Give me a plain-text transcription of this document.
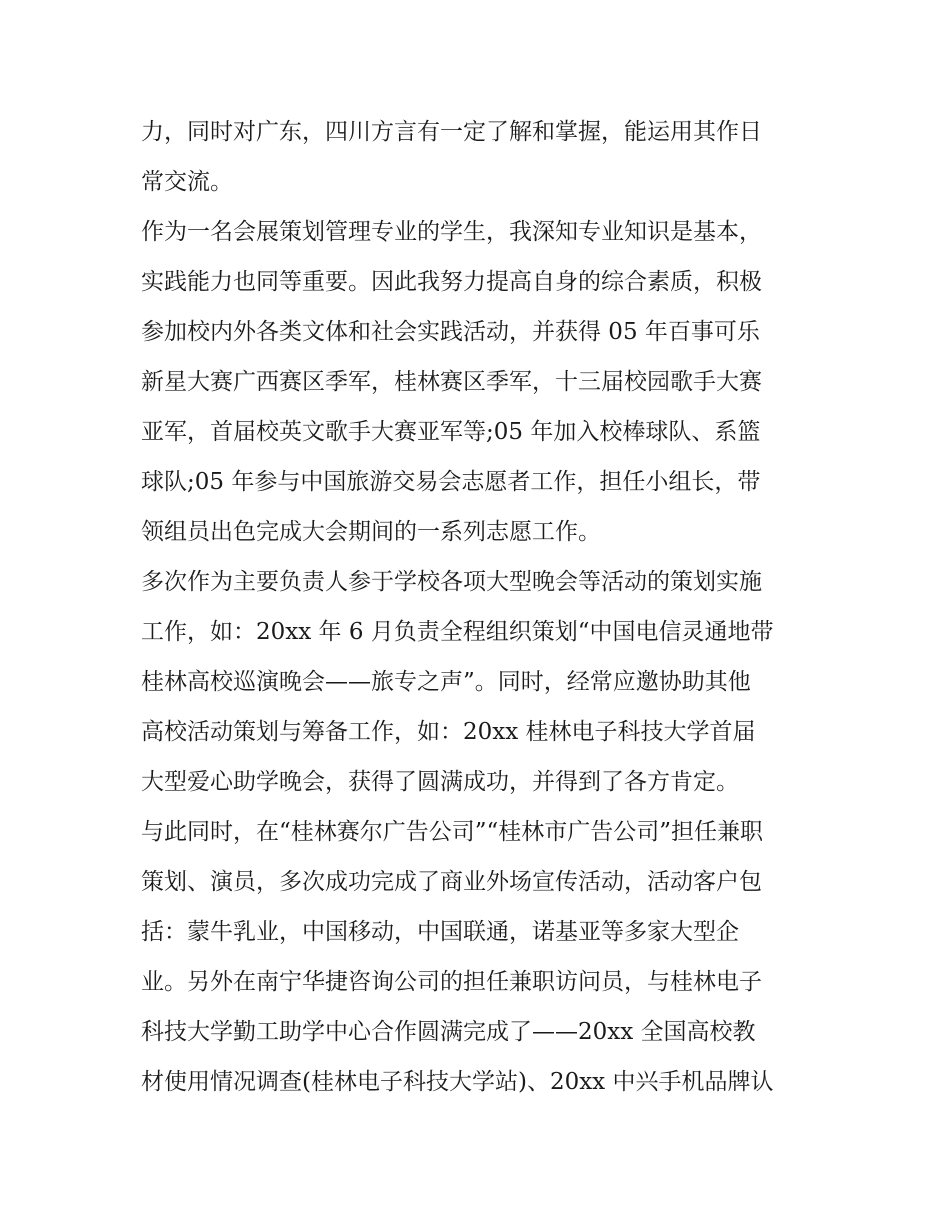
力，同时对广东，四川方言有一定了解和掌握，能运用其作日
常交流。
作为一名会展策划管理专业的学生，我深知专业知识是基本，
实践能力也同等重要。因此我努力提高自身的综合素质，积极
参加校内外各类文体和社会实践活动，并获得 05 年百事可乐
新星大赛广西赛区季军，桂林赛区季军，十三届校园歌手大赛
亚军，首届校英文歌手大赛亚军等;05 年加入校棒球队、系篮
球队;05 年参与中国旅游交易会志愿者工作，担任小组长，带
领组员出色完成大会期间的一系列志愿工作。
多次作为主要负责人参于学校各项大型晚会等活动的策划实施
工作，如：20xx 年 6 月负责全程组织策划“中国电信灵通地带
桂林高校巡演晚会——旅专之声”。同时，经常应邀协助其他
高校活动策划与筹备工作，如：20xx 桂林电子科技大学首届
大型爱心助学晚会，获得了圆满成功，并得到了各方肯定。
与此同时，在“桂林赛尔广告公司”“桂林市广告公司”担任兼职
策划、演员，多次成功完成了商业外场宣传活动，活动客户包
括：蒙牛乳业，中国移动，中国联通，诺基亚等多家大型企
业。另外在南宁华捷咨询公司的担任兼职访问员，与桂林电子
科技大学勤工助学中心合作圆满完成了——20xx 全国高校教
材使用情况调查(桂林电子科技大学站)、20xx 中兴手机品牌认
